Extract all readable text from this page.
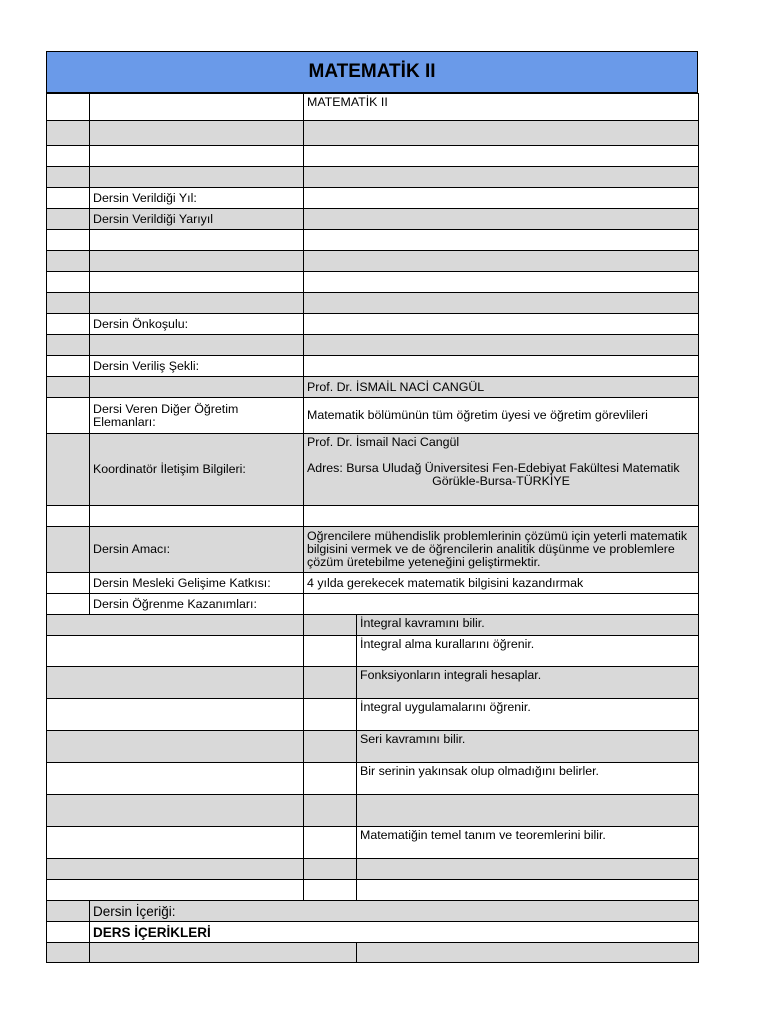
MATEMATİK II
		MATEMATİK II	

	Dersin Verildiği Yıl:		
	Dersin Verildiği Yarıyıl		

	Dersin Önkoşulu:		

	Dersin Veriliş Şekli:		
		Prof. Dr. İSMAİL NACİ CANGÜL	
	Dersi Veren Diğer Öğretim Elemanları:	Matematik bölümünün tüm öğretim üyesi ve öğretim görevlileri	
	Koordinatör İletişim Bilgileri:	Prof. Dr. İsmail Naci Cangül

Adres: Bursa Uludağ Üniversitesi Fen-Edebiyat Fakültesi Matematik
Görükle-Bursa-TÜRKİYE	

	Dersin Amacı:	Oğrencilere mühendislik problemlerinin çözümü için yeterli matematik bilgisini vermek ve de öğrencilerin analitik düşünme ve problemlere çözüm üretebilme yeteneğini geliştirmektir.	
	Dersin Mesleki Gelişime Katkısı:	4 yılda gerekecek matematik bilgisini kazandırmak	
	Dersin Öğrenme Kazanımları:		
			İntegral kavramını bilir.
			İntegral alma kurallarını öğrenir.
			Fonksiyonların integrali hesaplar.
			İntegral uygulamalarını öğrenir.
			Seri kavramını bilir.
			Bir serinin yakınsak olup olmadığını belirler.

			Matematiğin temel tanım ve teoremlerini bilir.

	Dersin İçeriği:		
	DERS İÇERİKLERİ		
